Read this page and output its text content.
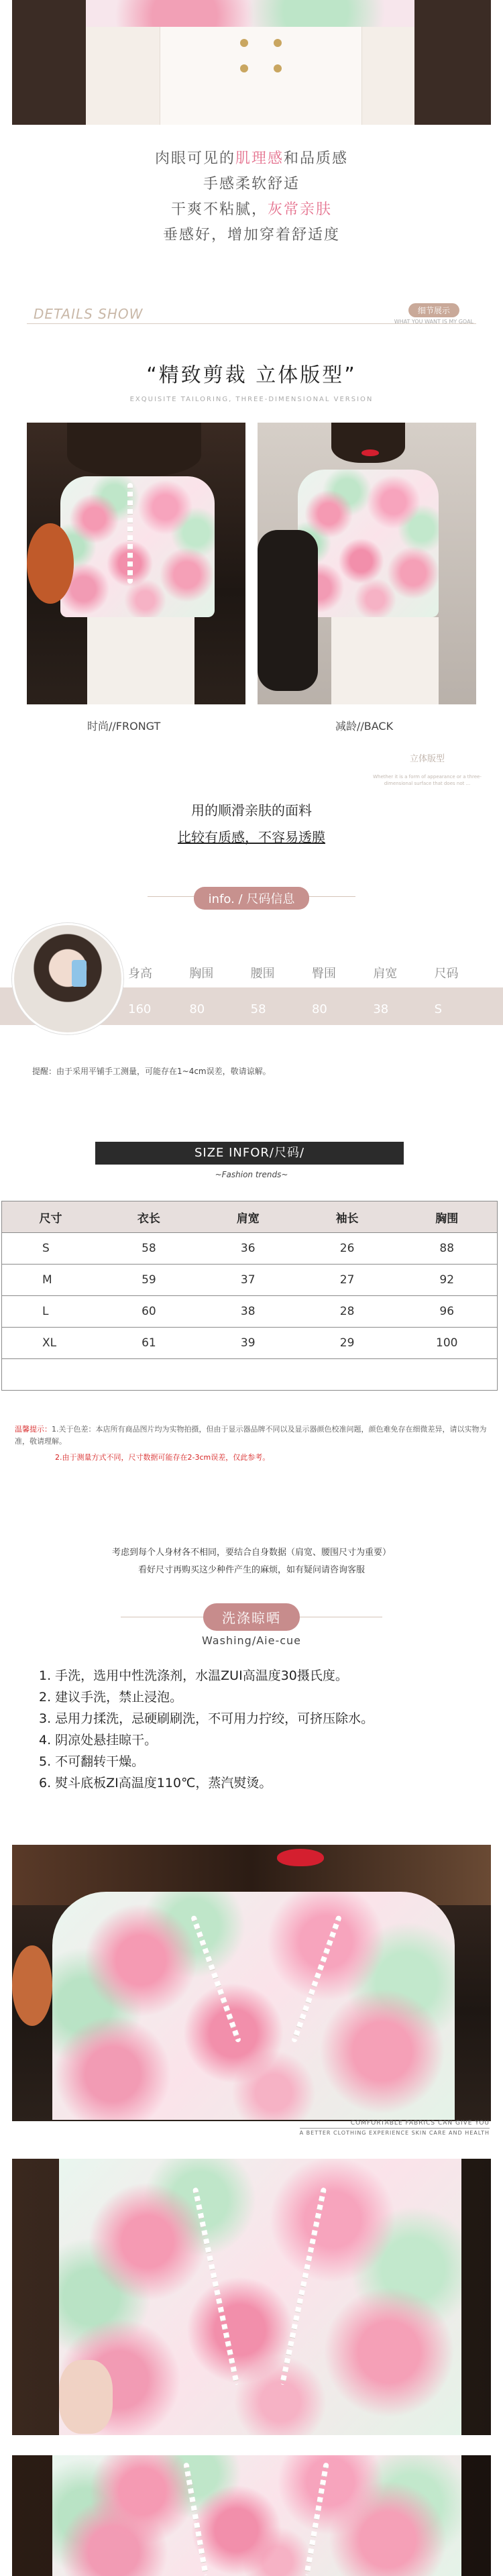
肉眼可见的肌理感和品质感
手感柔软舒适
干爽不粘腻，灰常亲肤
垂感好，增加穿着舒适度
DETAILS SHOW	细节展示
WHAT YOU WANT IS MY GOAL
“精致剪裁 立体版型”
EXQUISITE TAILORING, THREE-DIMENSIONAL VERSION
时尚//FRONGT	减龄//BACK
立体版型
Whether it is a form of appearance or a three-dimensional surface that does not ...
用的顺滑亲肤的面料
比较有质感，不容易透膜
info. / 尺码信息
身高	胸围	腰围	臀围	肩宽	尺码
160	80	58	80	38	S
提醒：由于采用平铺手工测量，可能存在1~4cm误差，敬请谅解。
SIZE INFOR/尺码/
~Fashion trends~
尺寸	衣长	肩宽	袖长	胸围
S	58	36	26	88
M	59	37	27	92
L	60	38	28	96
XL	61	39	29	100

温馨提示：1.关于色差：本店所有商品图片均为实物拍摄，但由于显示器品牌不同以及显示器颜色校准问题，颜色难免存在细微差异，请以实物为准，敬请理解。
2.由于测量方式不同，尺寸数据可能存在2-3cm误差，仅此参考。
考虑到每个人身材各不相同，要结合自身数据（肩宽、腰围尺寸为重要）
看好尺寸再购买这少种件产生的麻烦，如有疑问请咨询客服
洗涤晾晒
Washing/Aie-cue
1. 手洗，选用中性洗涤剂，水温ZUI高温度30摄氏度。
2. 建议手洗，禁止浸泡。
3. 忌用力揉洗，忌硬刷刷洗，不可用力拧绞，可挤压除水。
4. 阴凉处悬挂晾干。
5. 不可翻转干燥。
6. 熨斗底板ZI高温度110℃，蒸汽熨烫。
COMFORTABLE FABRICS CAN GIVE YOU
A BETTER CLOTHING EXPERIENCE SKIN CARE AND HEALTH
